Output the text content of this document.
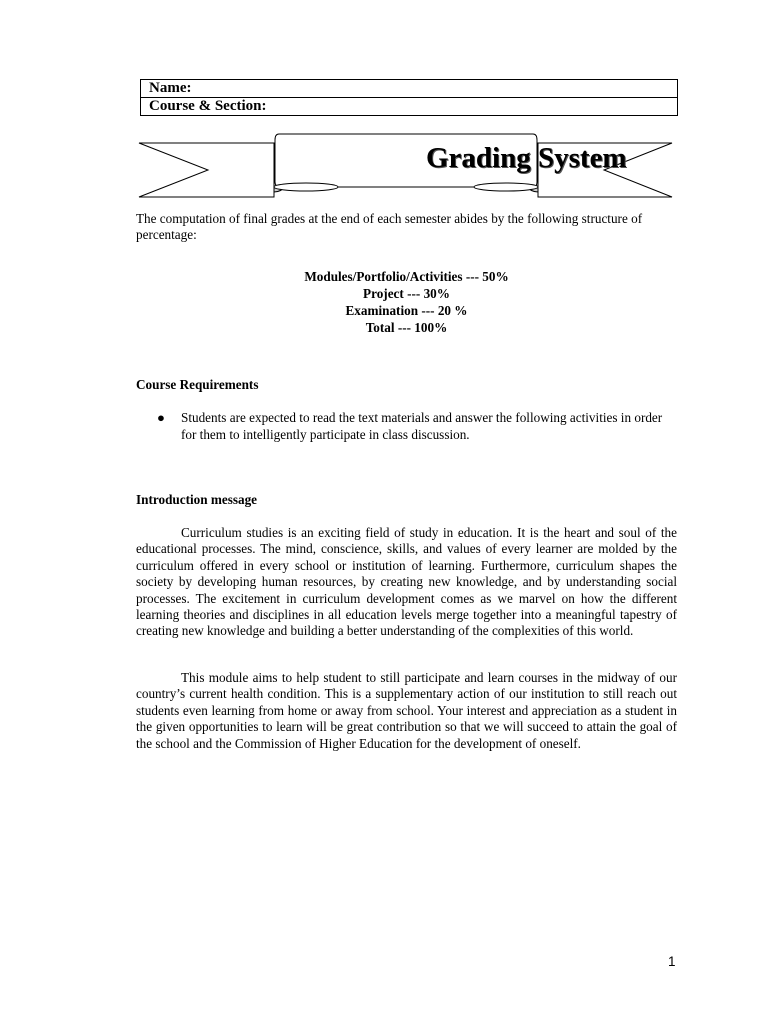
Name:
Course & Section:
Grading System
The computation of final grades at the end of each semester abides by the following structure of percentage:
Modules/Portfolio/Activities --- 50%
Project --- 30%
Examination --- 20 %
Total --- 100%
Course Requirements
● Students are expected to read the text materials and answer the following activities in order for them to intelligently participate in class discussion.
Introduction message

Curriculum studies is an exciting field of study in education. It is the heart and soul of the educational processes. The mind, conscience, skills, and values of every learner are molded by the curriculum offered in every school or institution of learning. Furthermore, curriculum shapes the society by developing human resources, by creating new knowledge, and by understanding social processes. The excitement in curriculum development comes as we marvel on how the different learning theories and disciplines in all education levels merge together into a meaningful tapestry of creating new knowledge and building a better understanding of the complexities of this world.

This module aims to help student to still participate and learn courses in the midway of our country’s current health condition. This is a supplementary action of our institution to still reach out students even learning from home or away from school. Your interest and appreciation as a student in the given opportunities to learn will be great contribution so that we will succeed to attain the goal of the school and the Commission of Higher Education for the development of oneself.

1
